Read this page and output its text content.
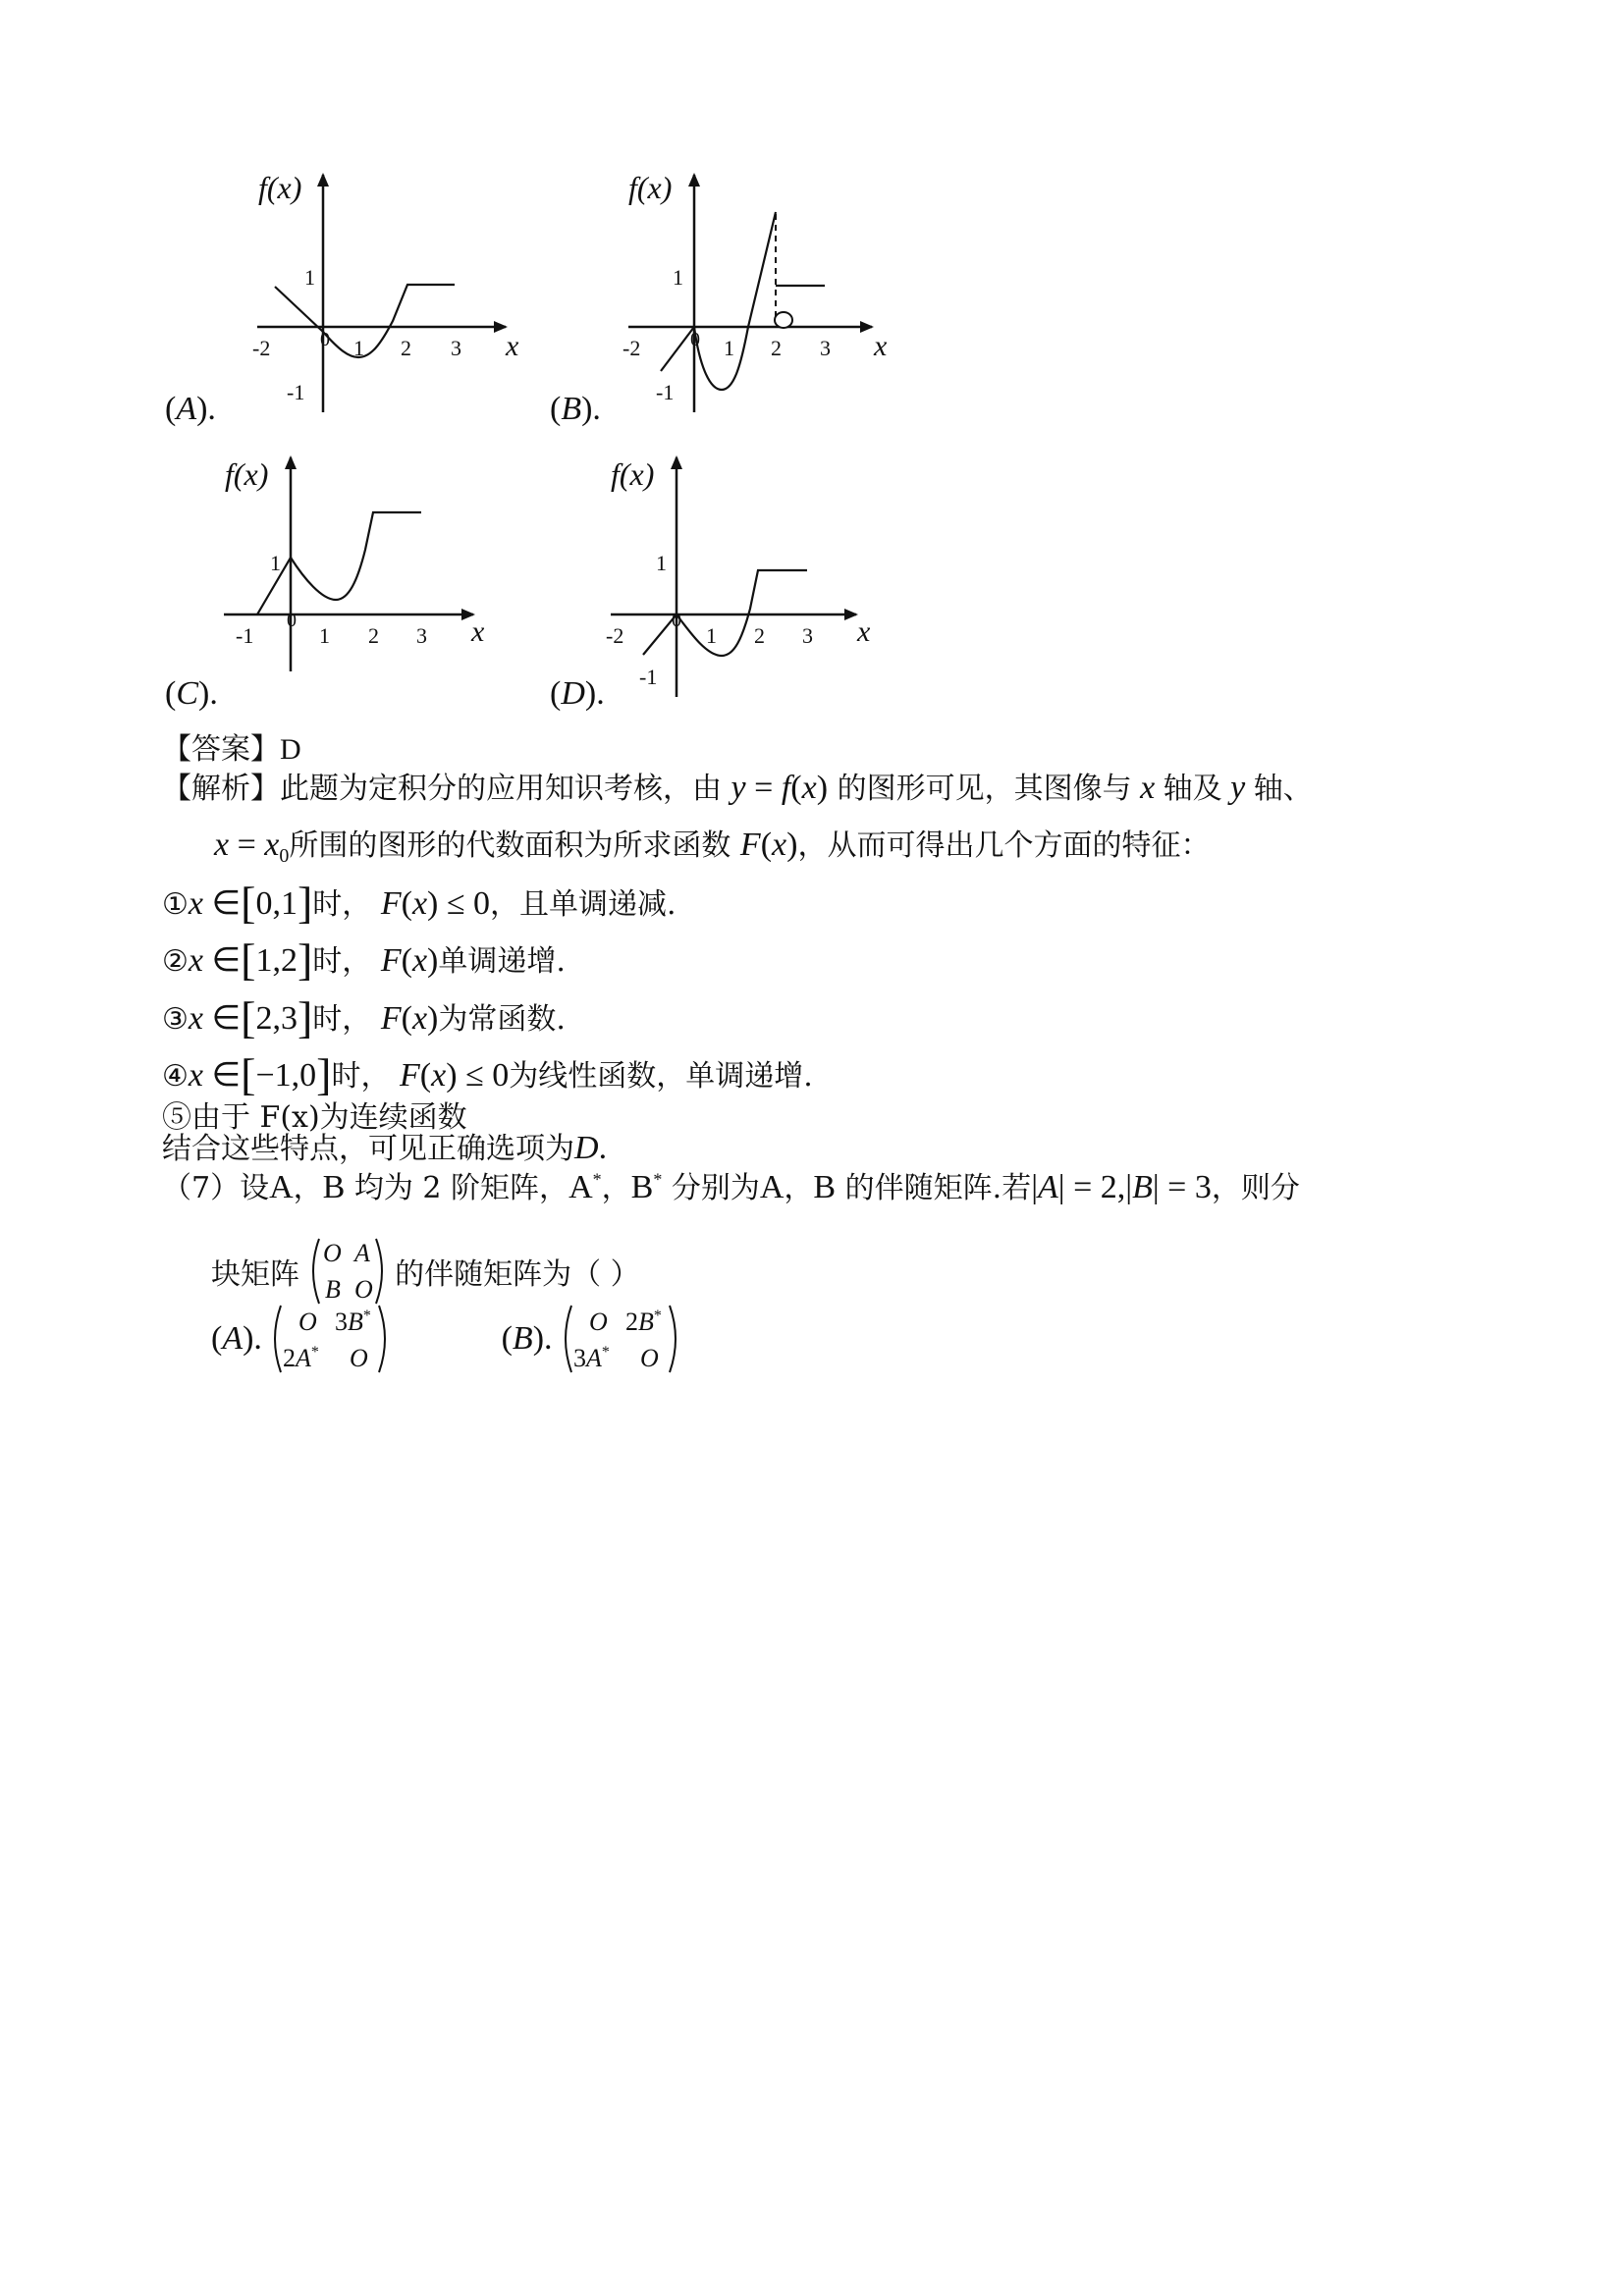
f(x)
x
1
-1
0
-2	1 2 3
(A).
f(x)
x
1
-1
0
-2	1 2 3
(B).
f(x)
x
1
0
-1	1 2 3
(C).
f(x)
x
1
-1
0
-2	1 2 3
(D).
【答案】D
【解析】此题为定积分的应用知识考核，由 y = f(x) 的图形可见，其图像与 x 轴及 y 轴、
$x = x_0$所围的图形的代数面积为所求函数 F(x)，从而可得出几个方面的特征：
①x ∈[0,1]时， F(x) ≤ 0，且单调递减.
②x ∈[1,2]时， F(x)单调递增.
③x ∈[2,3]时， F(x)为常函数.
④x ∈[−1,0]时， F(x) ≤ 0为线性函数，单调递增.
⑤由于 F(x)为连续函数
结合这些特点，可见正确选项为D.
（7）设A，B 均为 2 阶矩阵，A*，B* 分别为A，B 的伴随矩阵.若|A| = 2,|B| = 3，则分
块矩阵
O A
B O 的伴随矩阵为（ ）
(A). O 3B*
2A* O
(B). O 2B*
3A* O
